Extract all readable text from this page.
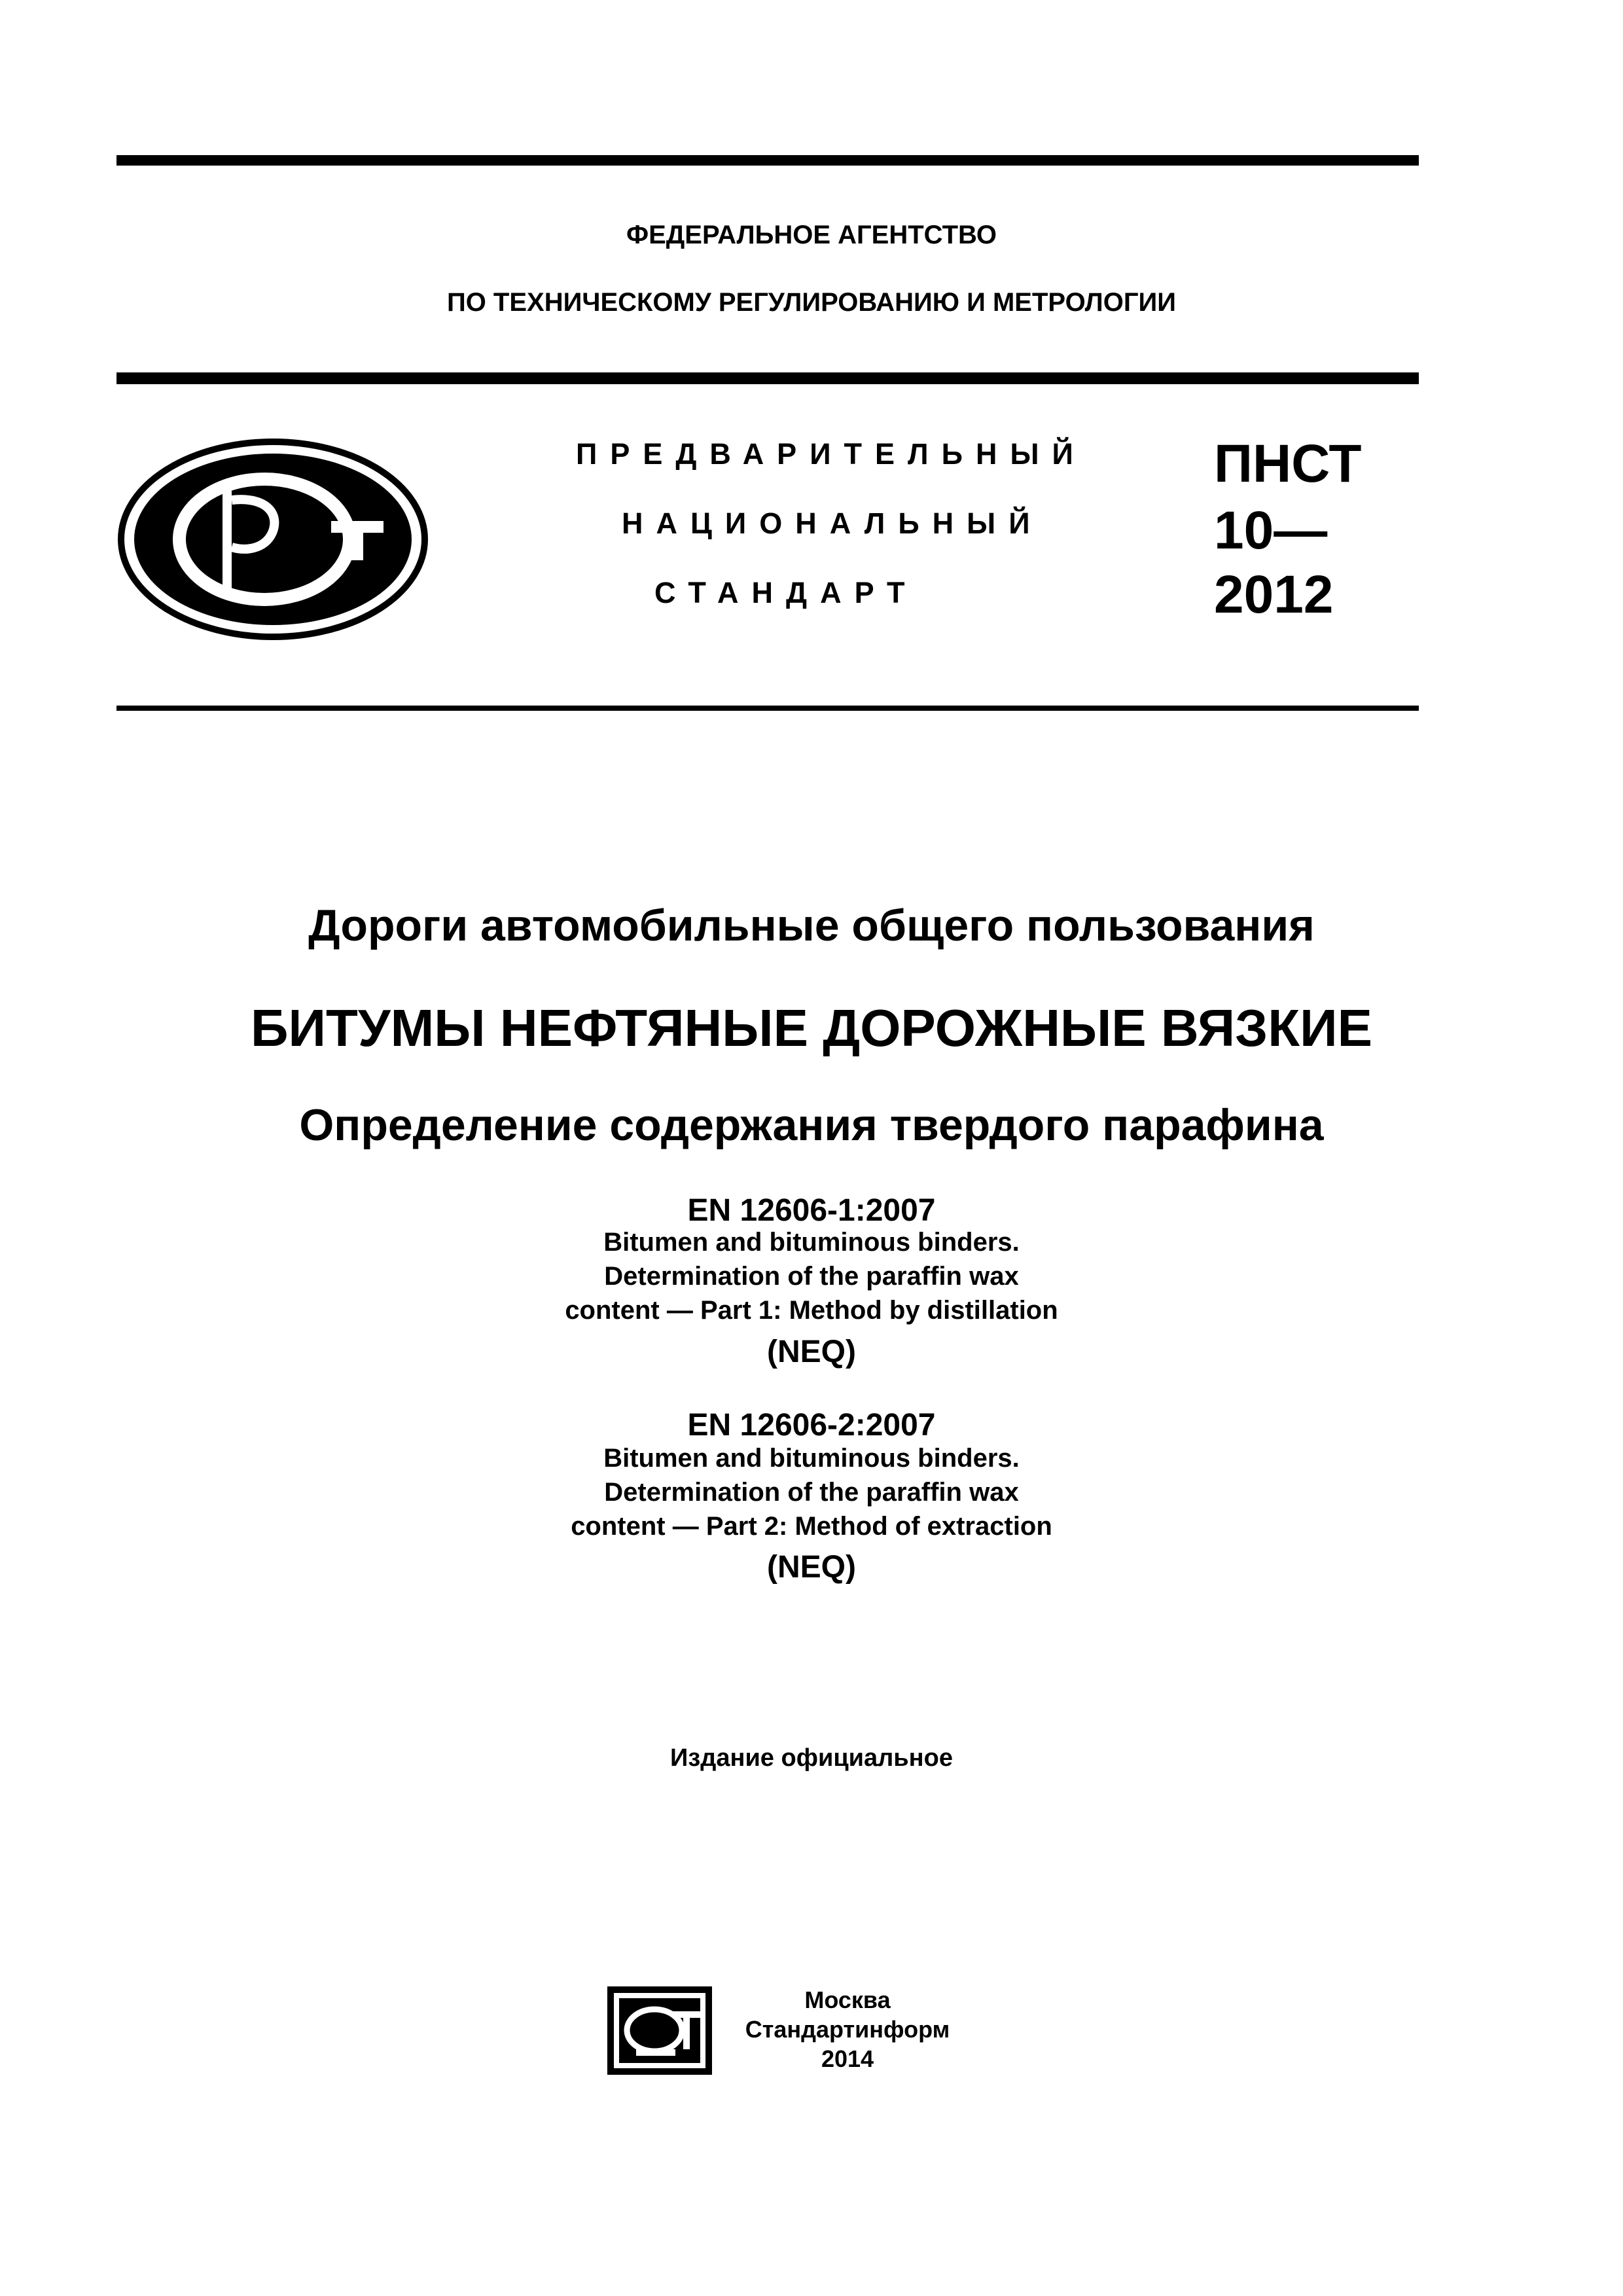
ФЕДЕРАЛЬНОЕ АГЕНТСТВО
ПО ТЕХНИЧЕСКОМУ РЕГУЛИРОВАНИЮ И МЕТРОЛОГИИ
ПРЕДВАРИТЕЛЬНЫЙ
НАЦИОНАЛЬНЫЙ
СТАНДАРТ
ПНСТ
10—
2012
Дороги автомобильные общего пользования
БИТУМЫ НЕФТЯНЫЕ ДОРОЖНЫЕ ВЯЗКИЕ
Определение содержания твердого парафина
EN 12606-1:2007
Bitumen and bituminous binders.
Determination of the paraffin wax
content — Part 1: Method by distillation
(NEQ)
EN 12606-2:2007
Bitumen and bituminous binders.
Determination of the paraffin wax
content — Part 2: Method of extraction
(NEQ)
Издание официальное
Москва
Стандартинформ
2014
